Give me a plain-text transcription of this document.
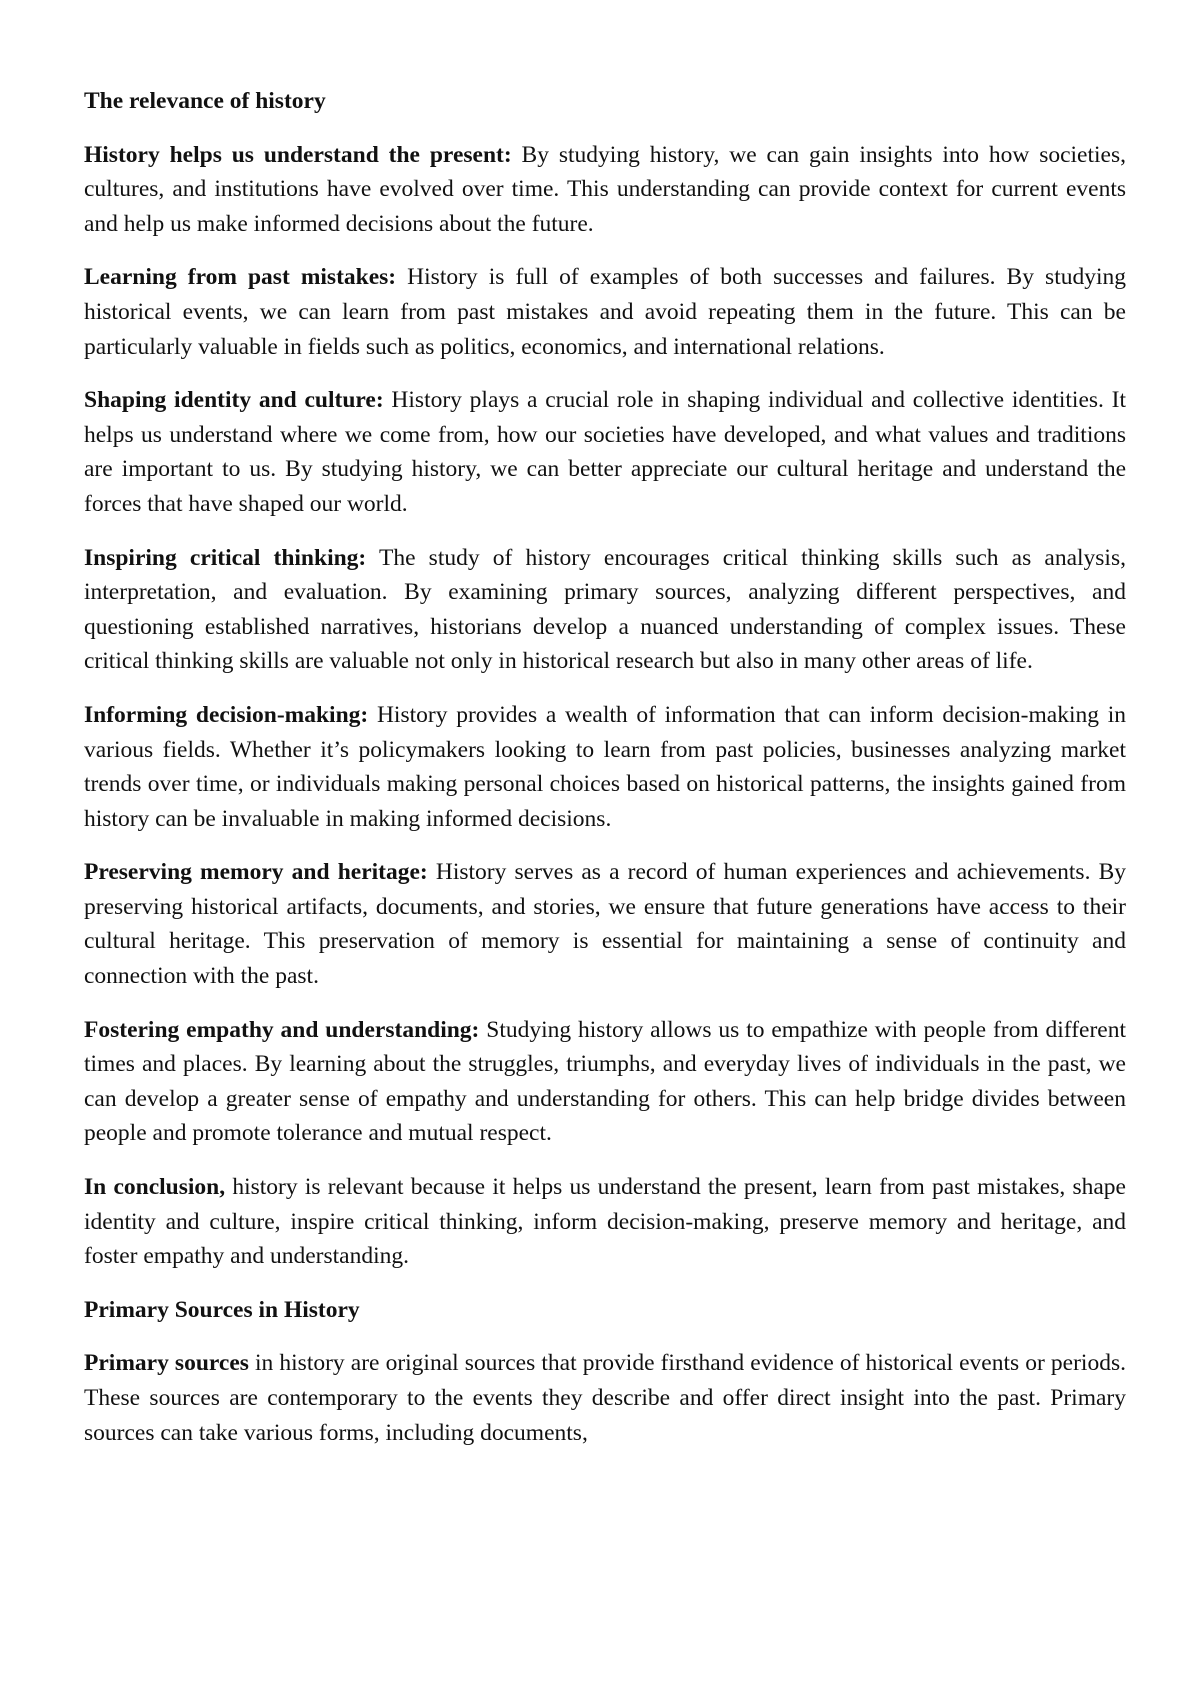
The relevance of history

History helps us understand the present: By studying history, we can gain insights into how societies, cultures, and institutions have evolved over time. This understanding can provide context for current events and help us make informed decisions about the future.

Learning from past mistakes: History is full of examples of both successes and failures. By studying historical events, we can learn from past mistakes and avoid repeating them in the future. This can be particularly valuable in fields such as politics, economics, and international relations.

Shaping identity and culture: History plays a crucial role in shaping individual and collective identities. It helps us understand where we come from, how our societies have developed, and what values and traditions are important to us. By studying history, we can better appreciate our cultural heritage and understand the forces that have shaped our world.

Inspiring critical thinking: The study of history encourages critical thinking skills such as analysis, interpretation, and evaluation. By examining primary sources, analyzing different perspectives, and questioning established narratives, historians develop a nuanced understanding of complex issues. These critical thinking skills are valuable not only in historical research but also in many other areas of life.

Informing decision-making: History provides a wealth of information that can inform decision-making in various fields. Whether it’s policymakers looking to learn from past policies, businesses analyzing market trends over time, or individuals making personal choices based on historical patterns, the insights gained from history can be invaluable in making informed decisions.

Preserving memory and heritage: History serves as a record of human experiences and achievements. By preserving historical artifacts, documents, and stories, we ensure that future generations have access to their cultural heritage. This preservation of memory is essential for maintaining a sense of continuity and connection with the past.

Fostering empathy and understanding: Studying history allows us to empathize with people from different times and places. By learning about the struggles, triumphs, and everyday lives of individuals in the past, we can develop a greater sense of empathy and understanding for others. This can help bridge divides between people and promote tolerance and mutual respect.

In conclusion, history is relevant because it helps us understand the present, learn from past mistakes, shape identity and culture, inspire critical thinking, inform decision-making, preserve memory and heritage, and foster empathy and understanding.

Primary Sources in History

Primary sources in history are original sources that provide firsthand evidence of historical events or periods. These sources are contemporary to the events they describe and offer direct insight into the past. Primary sources can take various forms, including documents,
